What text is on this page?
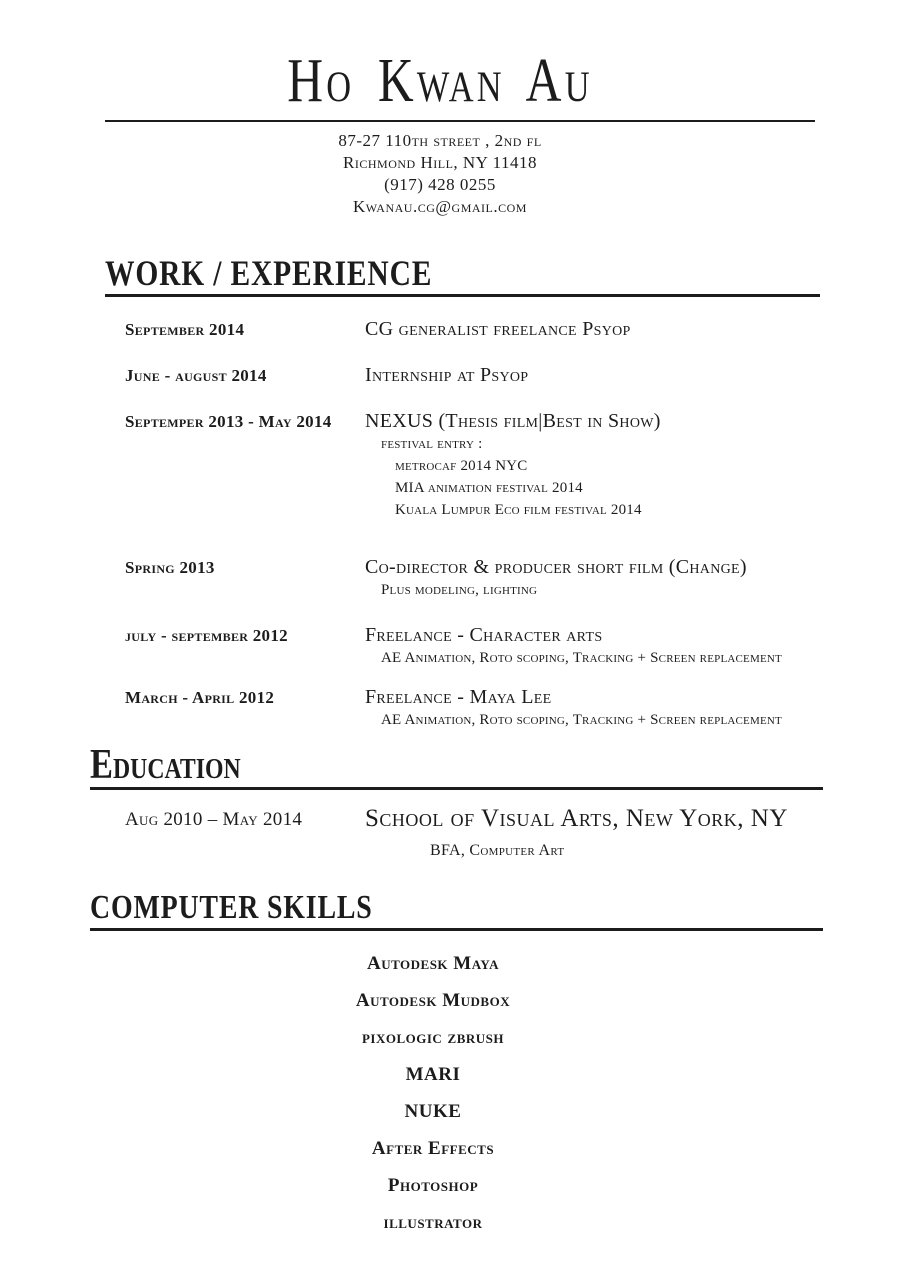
Ho Kwan Au
87-27 110th street , 2nd fl
Richmond Hill, NY 11418
(917) 428 0255
Kwanau.cg@gmail.com
WORK / EXPERIENCE
September 2014	CG generalist freelance Psyop
June - august 2014	Internship at Psyop
Septemper 2013 - May 2014	NEXUS (Thesis film|Best in Show)
festival entry :
metrocaf 2014 NYC
MIA animation festival 2014
Kuala Lumpur Eco film festival 2014
Spring 2013	Co-director & producer short film (Change)
Plus modeling, lighting
july - september 2012	Freelance - Character arts
AE Animation, Roto scoping, Tracking + Screen replacement
March - April 2012	Freelance - Maya Lee
AE Animation, Roto scoping, Tracking + Screen replacement
Education
Aug 2010 – May 2014	School of Visual Arts, New York, NY
BFA, Computer Art
COMPUTER SKILLS
Autodesk Maya
Autodesk Mudbox
pixologic zbrush
MARI
NUKE
After Effects
Photoshop
illustrator
